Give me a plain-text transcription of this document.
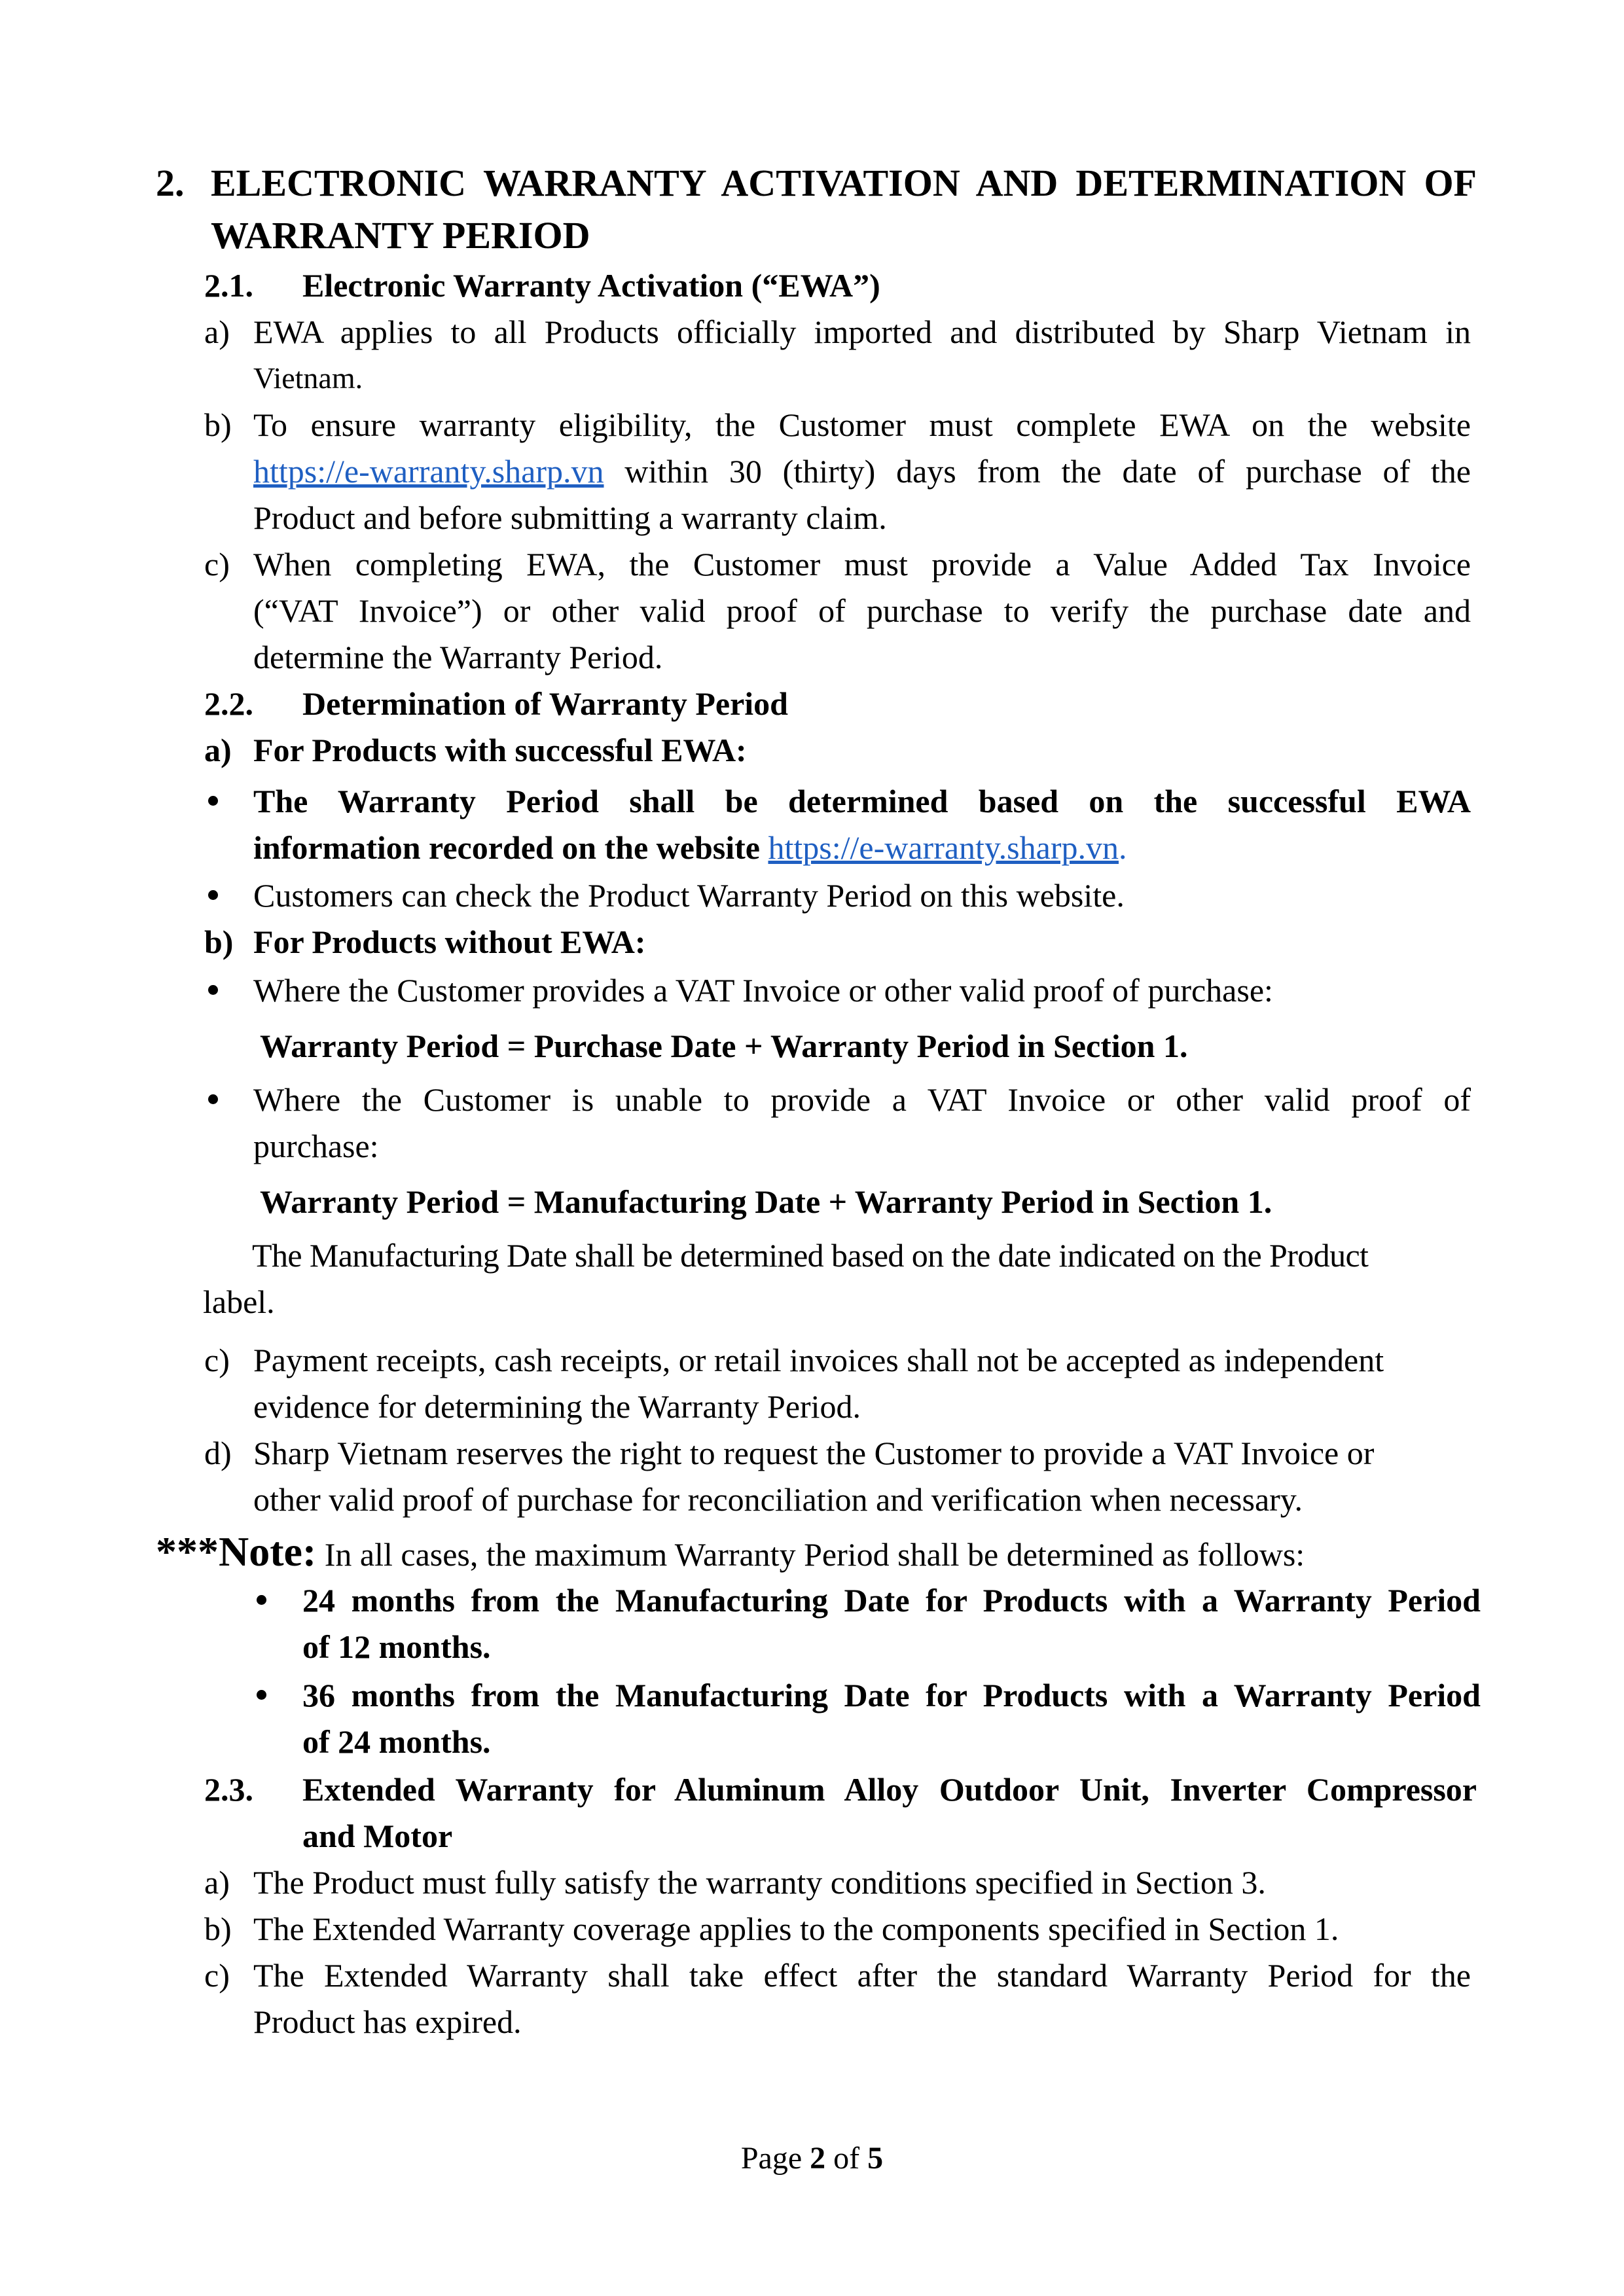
2. ELECTRONIC WARRANTY ACTIVATION AND DETERMINATION OF
WARRANTY PERIOD
2.1. Electronic Warranty Activation (“EWA”)
a) EWA applies to all Products officially imported and distributed by Sharp Vietnam in
Vietnam.
b) To ensure warranty eligibility, the Customer must complete EWA on the website
https://e-warranty.sharp.vn within 30 (thirty) days from the date of purchase of the
Product and before submitting a warranty claim.
c) When completing EWA, the Customer must provide a Value Added Tax Invoice
(“VAT Invoice”) or other valid proof of purchase to verify the purchase date and
determine the Warranty Period.
2.2. Determination of Warranty Period
a) For Products with successful EWA:
The Warranty Period shall be determined based on the successful EWA
information recorded on the website https://e-warranty.sharp.vn.
Customers can check the Product Warranty Period on this website.
b) For Products without EWA:
Where the Customer provides a VAT Invoice or other valid proof of purchase:
Warranty Period = Purchase Date + Warranty Period in Section 1.
Where the Customer is unable to provide a VAT Invoice or other valid proof of
purchase:
Warranty Period = Manufacturing Date + Warranty Period in Section 1.
The Manufacturing Date shall be determined based on the date indicated on the Product
label.
c) Payment receipts, cash receipts, or retail invoices shall not be accepted as independent
evidence for determining the Warranty Period.
d) Sharp Vietnam reserves the right to request the Customer to provide a VAT Invoice or
other valid proof of purchase for reconciliation and verification when necessary.
***Note: In all cases, the maximum Warranty Period shall be determined as follows:
24 months from the Manufacturing Date for Products with a Warranty Period
of 12 months.
36 months from the Manufacturing Date for Products with a Warranty Period
of 24 months.
2.3. Extended Warranty for Aluminum Alloy Outdoor Unit, Inverter Compressor
and Motor
a) The Product must fully satisfy the warranty conditions specified in Section 3.
b) The Extended Warranty coverage applies to the components specified in Section 1.
c) The Extended Warranty shall take effect after the standard Warranty Period for the
Product has expired.
Page 2 of 5
